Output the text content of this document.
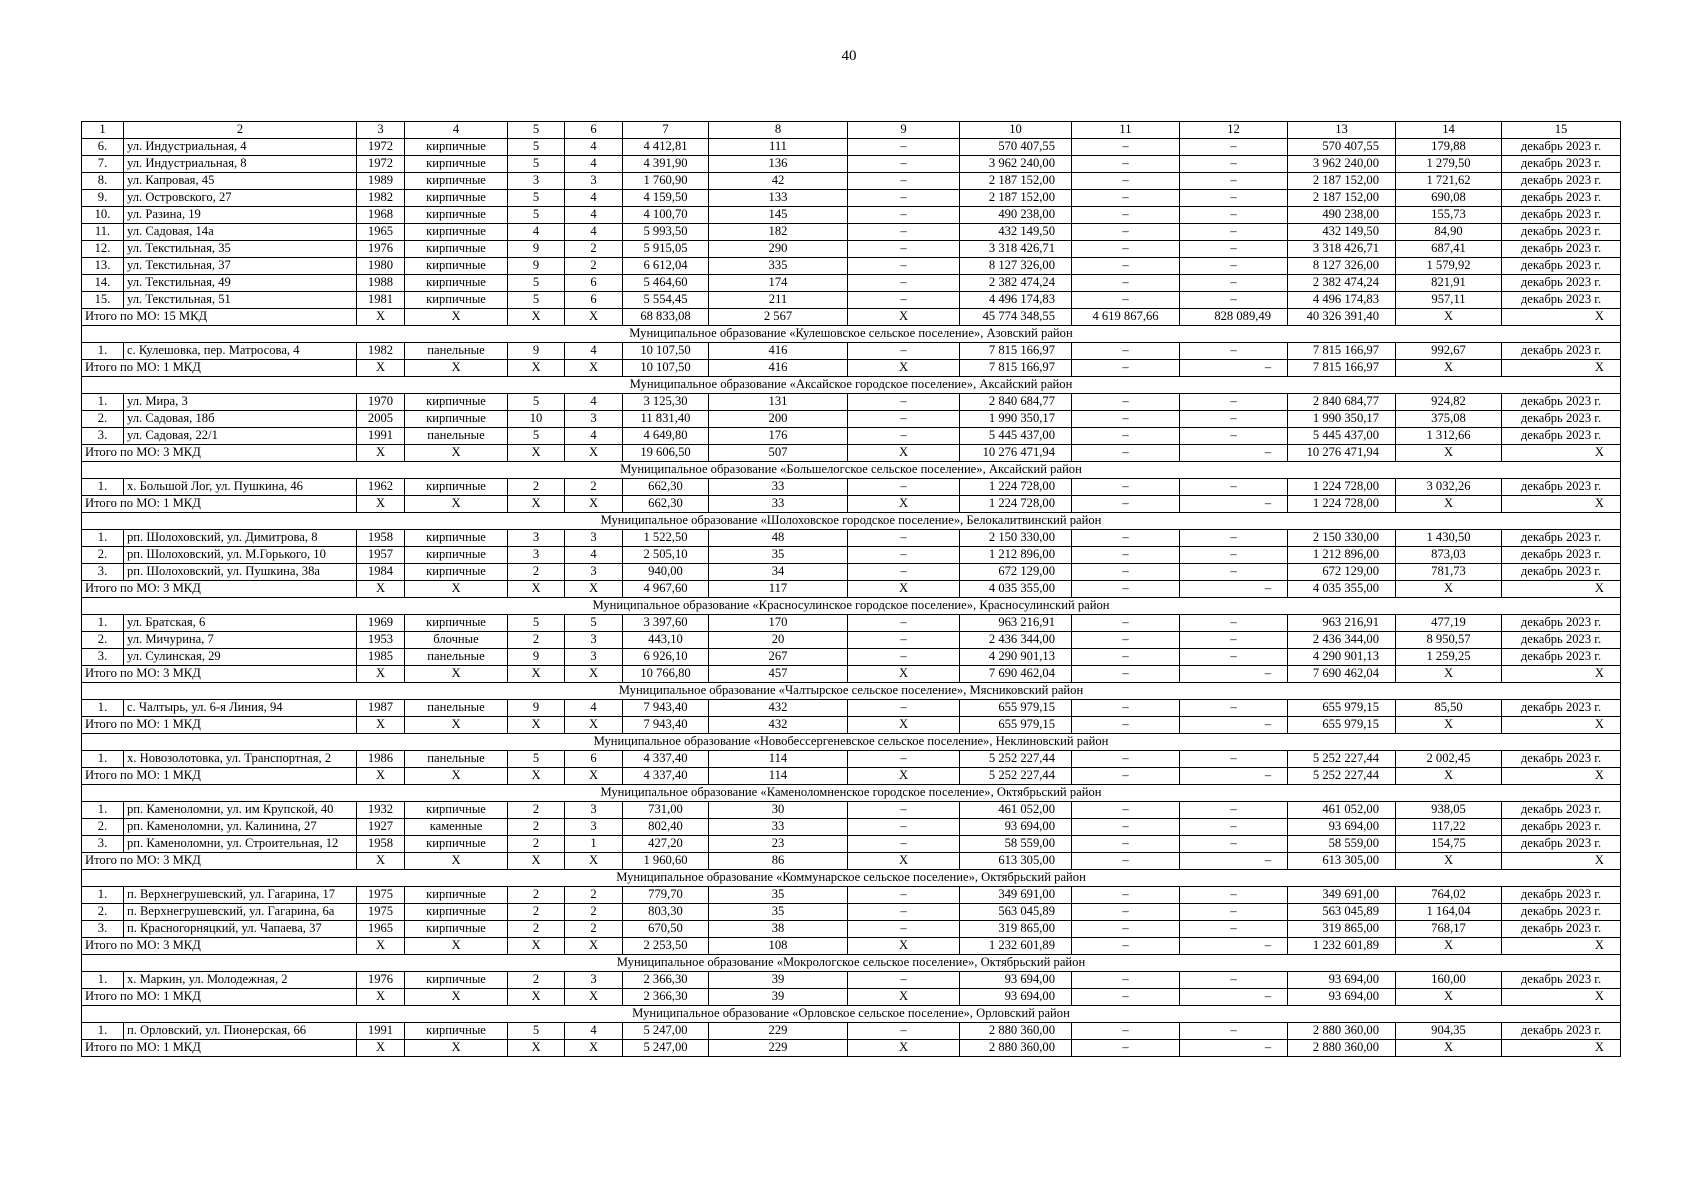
40
1	2	3	4	5	6	7	8	9	10	11	12	13	14	15
6.	ул. Индустриальная, 4	1972	кирпичные	5	4	4 412,81	111	–	570 407,55	–	–	570 407,55	179,88	декабрь 2023 г.
7.	ул. Индустриальная, 8	1972	кирпичные	5	4	4 391,90	136	–	3 962 240,00	–	–	3 962 240,00	1 279,50	декабрь 2023 г.
8.	ул. Капровая, 45	1989	кирпичные	3	3	1 760,90	42	–	2 187 152,00	–	–	2 187 152,00	1 721,62	декабрь 2023 г.
9.	ул. Островского, 27	1982	кирпичные	5	4	4 159,50	133	–	2 187 152,00	–	–	2 187 152,00	690,08	декабрь 2023 г.
10.	ул. Разина, 19	1968	кирпичные	5	4	4 100,70	145	–	490 238,00	–	–	490 238,00	155,73	декабрь 2023 г.
11.	ул. Садовая, 14а	1965	кирпичные	4	4	5 993,50	182	–	432 149,50	–	–	432 149,50	84,90	декабрь 2023 г.
12.	ул. Текстильная, 35	1976	кирпичные	9	2	5 915,05	290	–	3 318 426,71	–	–	3 318 426,71	687,41	декабрь 2023 г.
13.	ул. Текстильная, 37	1980	кирпичные	9	2	6 612,04	335	–	8 127 326,00	–	–	8 127 326,00	1 579,92	декабрь 2023 г.
14.	ул. Текстильная, 49	1988	кирпичные	5	6	5 464,60	174	–	2 382 474,24	–	–	2 382 474,24	821,91	декабрь 2023 г.
15.	ул. Текстильная, 51	1981	кирпичные	5	6	5 554,45	211	–	4 496 174,83	–	–	4 496 174,83	957,11	декабрь 2023 г.
Итого по МО: 15 МКД		X	X	X	X	68 833,08	2 567	X	45 774 348,55	4 619 867,66	828 089,49	40 326 391,40	X	X
Муниципальное образование «Кулешовское сельское поселение», Азовский район														
1.	с. Кулешовка, пер. Матросова, 4	1982	панельные	9	4	10 107,50	416	–	7 815 166,97	–	–	7 815 166,97	992,67	декабрь 2023 г.
Итого по МО: 1 МКД		X	X	X	X	10 107,50	416	X	7 815 166,97	–	–	7 815 166,97	X	X
Муниципальное образование «Аксайское городское поселение», Аксайский район														
1.	ул. Мира, 3	1970	кирпичные	5	4	3 125,30	131	–	2 840 684,77	–	–	2 840 684,77	924,82	декабрь 2023 г.
2.	ул. Садовая, 18б	2005	кирпичные	10	3	11 831,40	200	–	1 990 350,17	–	–	1 990 350,17	375,08	декабрь 2023 г.
3.	ул. Садовая, 22/1	1991	панельные	5	4	4 649,80	176	–	5 445 437,00	–	–	5 445 437,00	1 312,66	декабрь 2023 г.
Итого по МО: 3 МКД		X	X	X	X	19 606,50	507	X	10 276 471,94	–	–	10 276 471,94	X	X
Муниципальное образование «Большелогское сельское поселение», Аксайский район														
1.	х. Большой Лог, ул. Пушкина, 46	1962	кирпичные	2	2	662,30	33	–	1 224 728,00	–	–	1 224 728,00	3 032,26	декабрь 2023 г.
Итого по МО: 1 МКД		X	X	X	X	662,30	33	X	1 224 728,00	–	–	1 224 728,00	X	X
Муниципальное образование «Шолоховское городское поселение», Белокалитвинский район														
1.	рп. Шолоховский, ул. Димитрова, 8	1958	кирпичные	3	3	1 522,50	48	–	2 150 330,00	–	–	2 150 330,00	1 430,50	декабрь 2023 г.
2.	рп. Шолоховский, ул. М.Горького, 10	1957	кирпичные	3	4	2 505,10	35	–	1 212 896,00	–	–	1 212 896,00	873,03	декабрь 2023 г.
3.	рп. Шолоховский, ул. Пушкина, 38а	1984	кирпичные	2	3	940,00	34	–	672 129,00	–	–	672 129,00	781,73	декабрь 2023 г.
Итого по МО: 3 МКД		X	X	X	X	4 967,60	117	X	4 035 355,00	–	–	4 035 355,00	X	X
Муниципальное образование «Красносулинское городское поселение», Красносулинский район														
1.	ул. Братская, 6	1969	кирпичные	5	5	3 397,60	170	–	963 216,91	–	–	963 216,91	477,19	декабрь 2023 г.
2.	ул. Мичурина, 7	1953	блочные	2	3	443,10	20	–	2 436 344,00	–	–	2 436 344,00	8 950,57	декабрь 2023 г.
3.	ул. Сулинская, 29	1985	панельные	9	3	6 926,10	267	–	4 290 901,13	–	–	4 290 901,13	1 259,25	декабрь 2023 г.
Итого по МО: 3 МКД		X	X	X	X	10 766,80	457	X	7 690 462,04	–	–	7 690 462,04	X	X
Муниципальное образование «Чалтырское сельское поселение», Мясниковский район														
1.	с. Чалтырь, ул. 6-я Линия, 94	1987	панельные	9	4	7 943,40	432	–	655 979,15	–	–	655 979,15	85,50	декабрь 2023 г.
Итого по МО: 1 МКД		X	X	X	X	7 943,40	432	X	655 979,15	–	–	655 979,15	X	X
Муниципальное образование «Новобессергеневское сельское поселение», Неклиновский район														
1.	х. Новозолотовка, ул. Транспортная, 2	1986	панельные	5	6	4 337,40	114	–	5 252 227,44	–	–	5 252 227,44	2 002,45	декабрь 2023 г.
Итого по МО: 1 МКД		X	X	X	X	4 337,40	114	X	5 252 227,44	–	–	5 252 227,44	X	X
Муниципальное образование «Каменоломненское городское поселение», Октябрьский район														
1.	рп. Каменоломни, ул. им Крупской, 40	1932	кирпичные	2	3	731,00	30	–	461 052,00	–	–	461 052,00	938,05	декабрь 2023 г.
2.	рп. Каменоломни, ул. Калинина, 27	1927	каменные	2	3	802,40	33	–	93 694,00	–	–	93 694,00	117,22	декабрь 2023 г.
3.	рп. Каменоломни, ул. Строительная, 12	1958	кирпичные	2	1	427,20	23	–	58 559,00	–	–	58 559,00	154,75	декабрь 2023 г.
Итого по МО: 3 МКД		X	X	X	X	1 960,60	86	X	613 305,00	–	–	613 305,00	X	X
Муниципальное образование «Коммунарское сельское поселение», Октябрьский район														
1.	п. Верхнегрушевский, ул. Гагарина, 17	1975	кирпичные	2	2	779,70	35	–	349 691,00	–	–	349 691,00	764,02	декабрь 2023 г.
2.	п. Верхнегрушевский, ул. Гагарина, 6а	1975	кирпичные	2	2	803,30	35	–	563 045,89	–	–	563 045,89	1 164,04	декабрь 2023 г.
3.	п. Красногорняцкий, ул. Чапаева, 37	1965	кирпичные	2	2	670,50	38	–	319 865,00	–	–	319 865,00	768,17	декабрь 2023 г.
Итого по МО: 3 МКД		X	X	X	X	2 253,50	108	X	1 232 601,89	–	–	1 232 601,89	X	X
Муниципальное образование «Мокрологское сельское поселение», Октябрьский район														
1.	х. Маркин, ул. Молодежная, 2	1976	кирпичные	2	3	2 366,30	39	–	93 694,00	–	–	93 694,00	160,00	декабрь 2023 г.
Итого по МО: 1 МКД		X	X	X	X	2 366,30	39	X	93 694,00	–	–	93 694,00	X	X
Муниципальное образование «Орловское сельское поселение», Орловский район														
1.	п. Орловский, ул. Пионерская, 66	1991	кирпичные	5	4	5 247,00	229	–	2 880 360,00	–	–	2 880 360,00	904,35	декабрь 2023 г.
Итого по МО: 1 МКД		X	X	X	X	5 247,00	229	X	2 880 360,00	–	–	2 880 360,00	X	X
